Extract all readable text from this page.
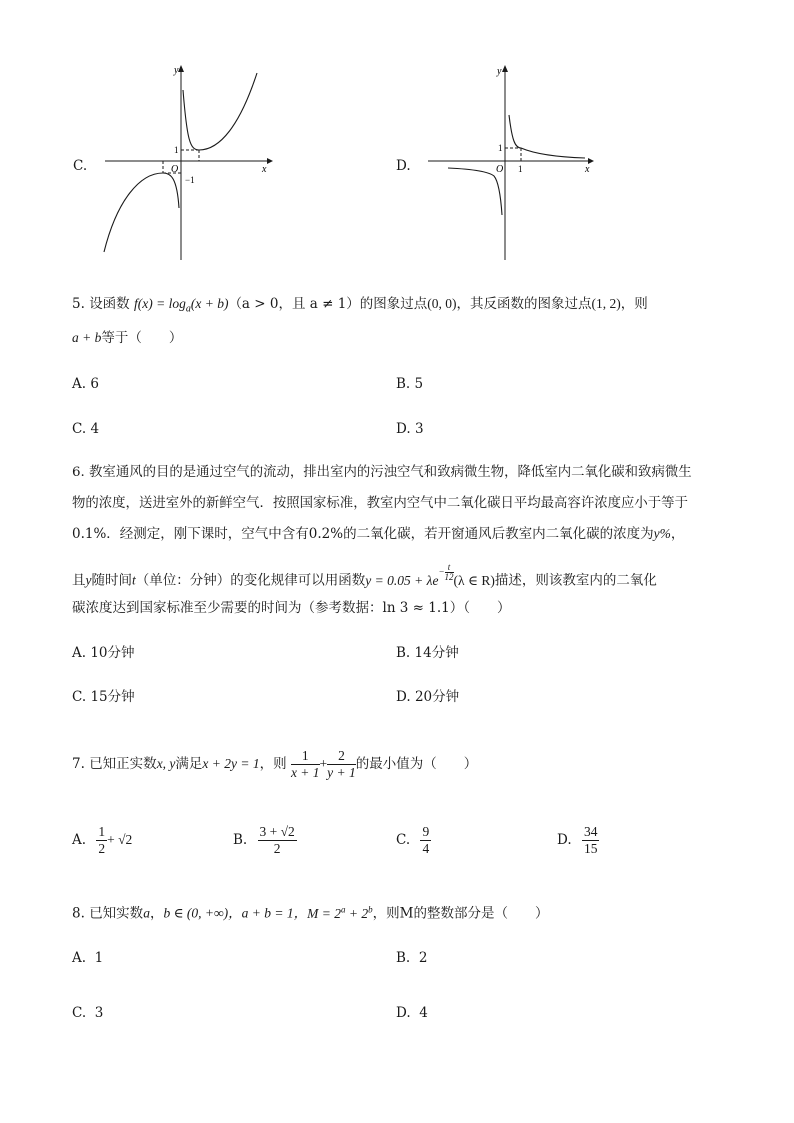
C.
y
x
O
1
−1
D.
y
x
O
1
1
5. 设函数 $f(x) = \log_a(x + b)(a > 0$，且 a ≠ 1）的图象过点(0, 0)，其反函数的图象过点(1, 2)，则
a + b等于（　　）
A. 6	B. 5
C. 4	D. 3
6. 教室通风的目的是通过空气的流动，排出室内的污浊空气和致病微生物，降低室内二氧化碳和致病微生
物的浓度，送进室外的新鲜空气．按照国家标准，教室内空气中二氧化碳日平均最高容许浓度应小于等于
0.1%．经测定，刚下课时，空气中含有0.2%的二氧化碳，若开窗通风后教室内二氧化碳的浓度为y%，
且y随时间t（单位：分钟）的变化规律可以用函数$y = 0.05 + \lambda e^{- \frac{t}{12}}$ (λ ∈ R)描述，则该教室内的二氧化
碳浓度达到国家标准至少需要的时间为（参考数据：ln 3 ≈ 1.1）（　　）
A. 10分钟	B. 14分钟
C. 15分钟	D. 20分钟
7. 已知正实数x, y满足x + 2y = 1，则 $\frac{1}{x + 1} + \frac{2}{y + 1}$ 的最小值为（　　）
A. $\frac{1}{2} + √2$	B. $\frac{3 + √2}{2}$	C. $\frac{9}{4}$	D. $\frac{34}{15}$
8. 已知实数a，b ∈ (0, +∞)，a + b = 1，$M = 2^a + 2^b$，则M的整数部分是（　　）
A. 1	B. 2
C. 3	D. 4
